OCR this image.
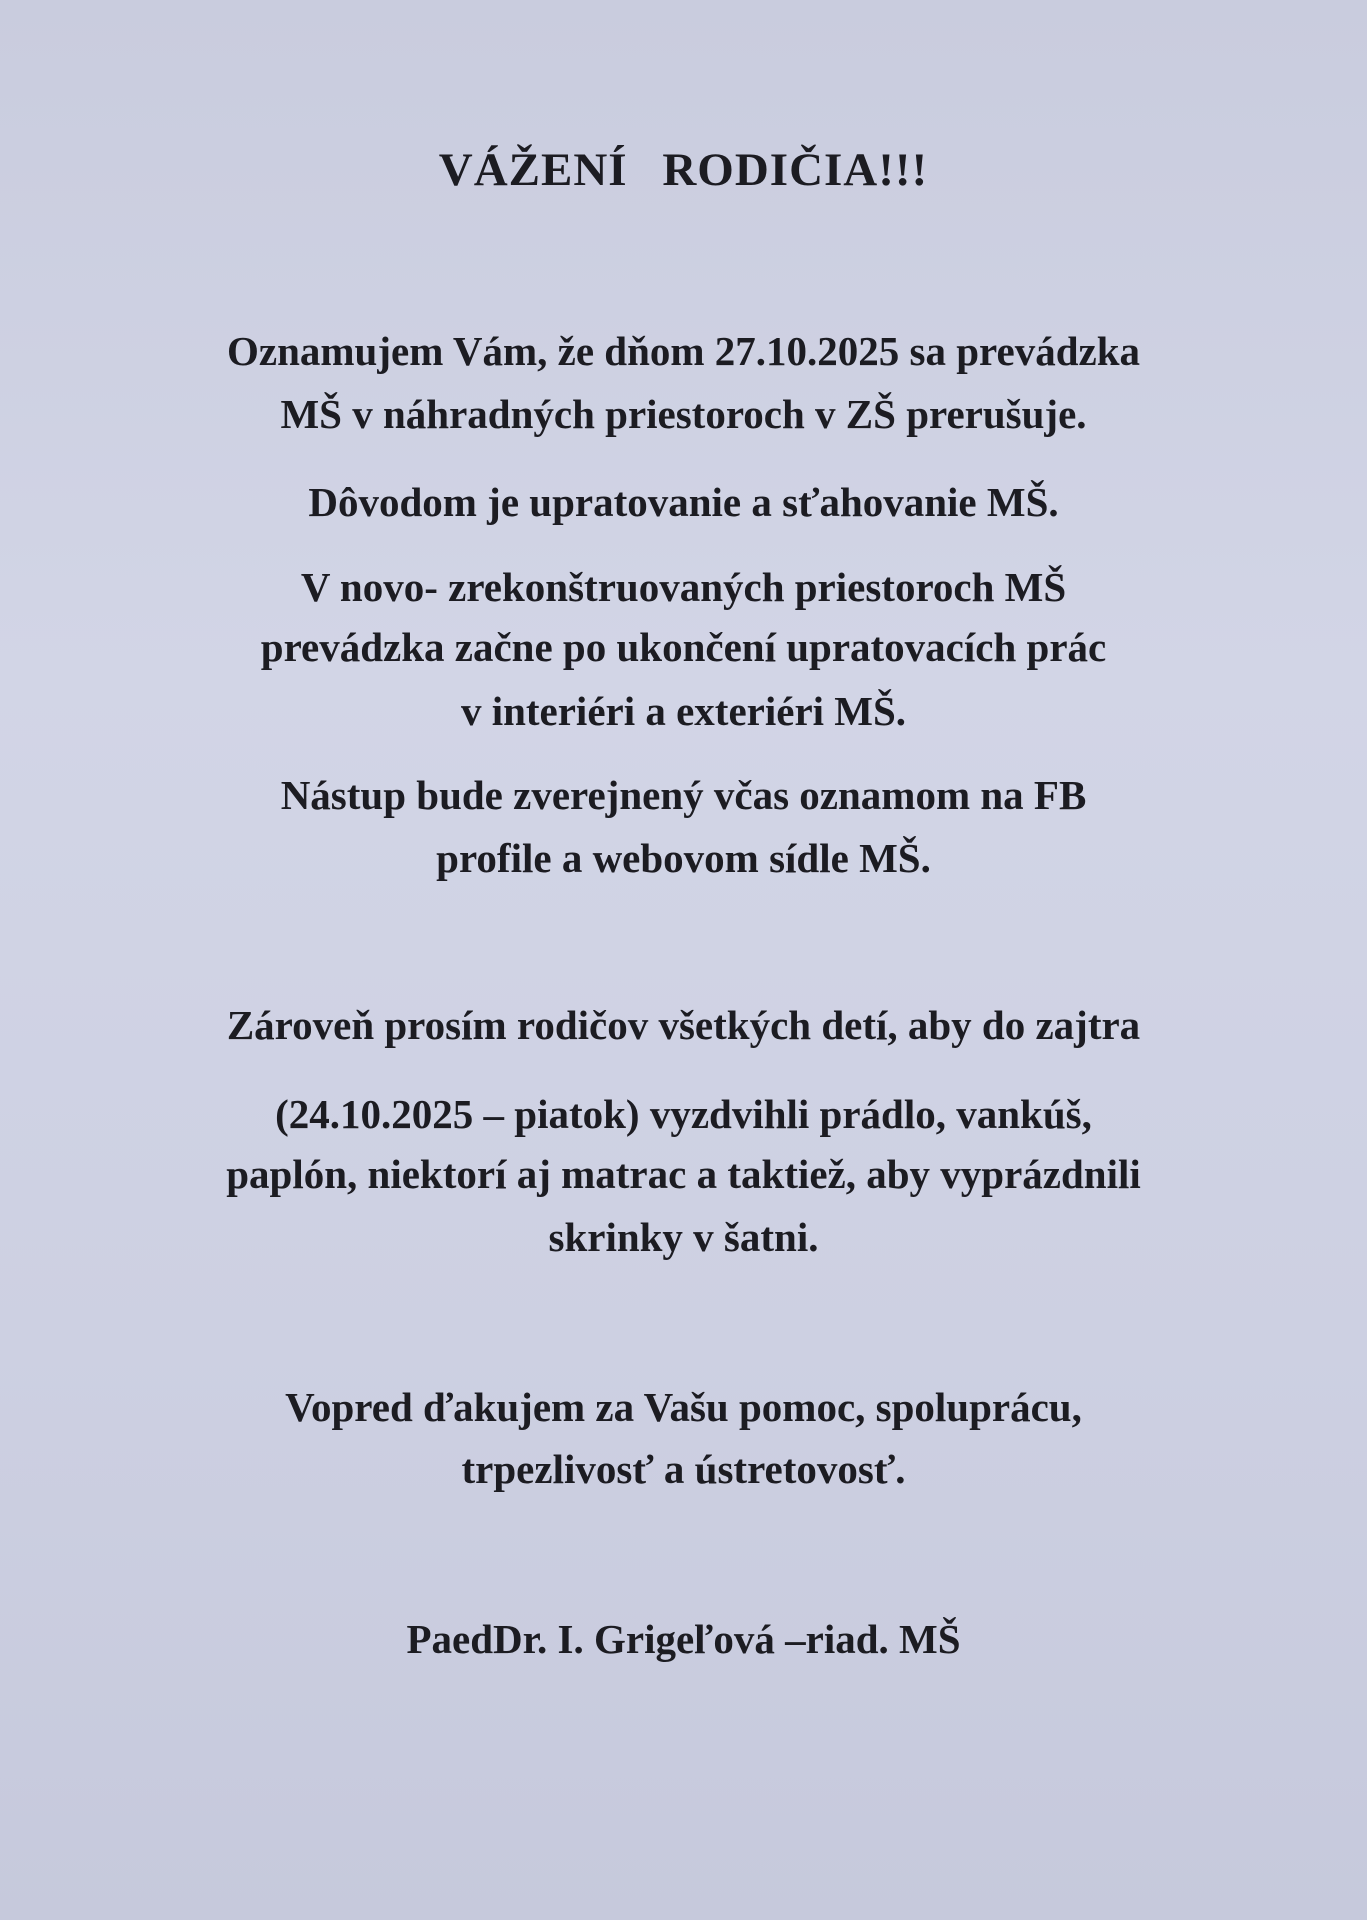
VÁŽENÍ RODIČIA!!!
Oznamujem Vám, že dňom 27.10.2025 sa prevádzka
MŠ v náhradných priestoroch v ZŠ prerušuje.
Dôvodom je upratovanie a sťahovanie MŠ.
V novo- zrekonštruovaných priestoroch MŠ
prevádzka začne po ukončení upratovacích prác
v interiéri a exteriéri MŠ.
Nástup bude zverejnený včas oznamom na FB
profile a webovom sídle MŠ.
Zároveň prosím rodičov všetkých detí, aby do zajtra
(24.10.2025 – piatok) vyzdvihli prádlo, vankúš,
paplón, niektorí aj matrac a taktiež, aby vyprázdnili
skrinky v šatni.
Vopred ďakujem za Vašu pomoc, spoluprácu,
trpezlivosť a ústretovosť.
PaedDr. I. Grigeľová –riad. MŠ
